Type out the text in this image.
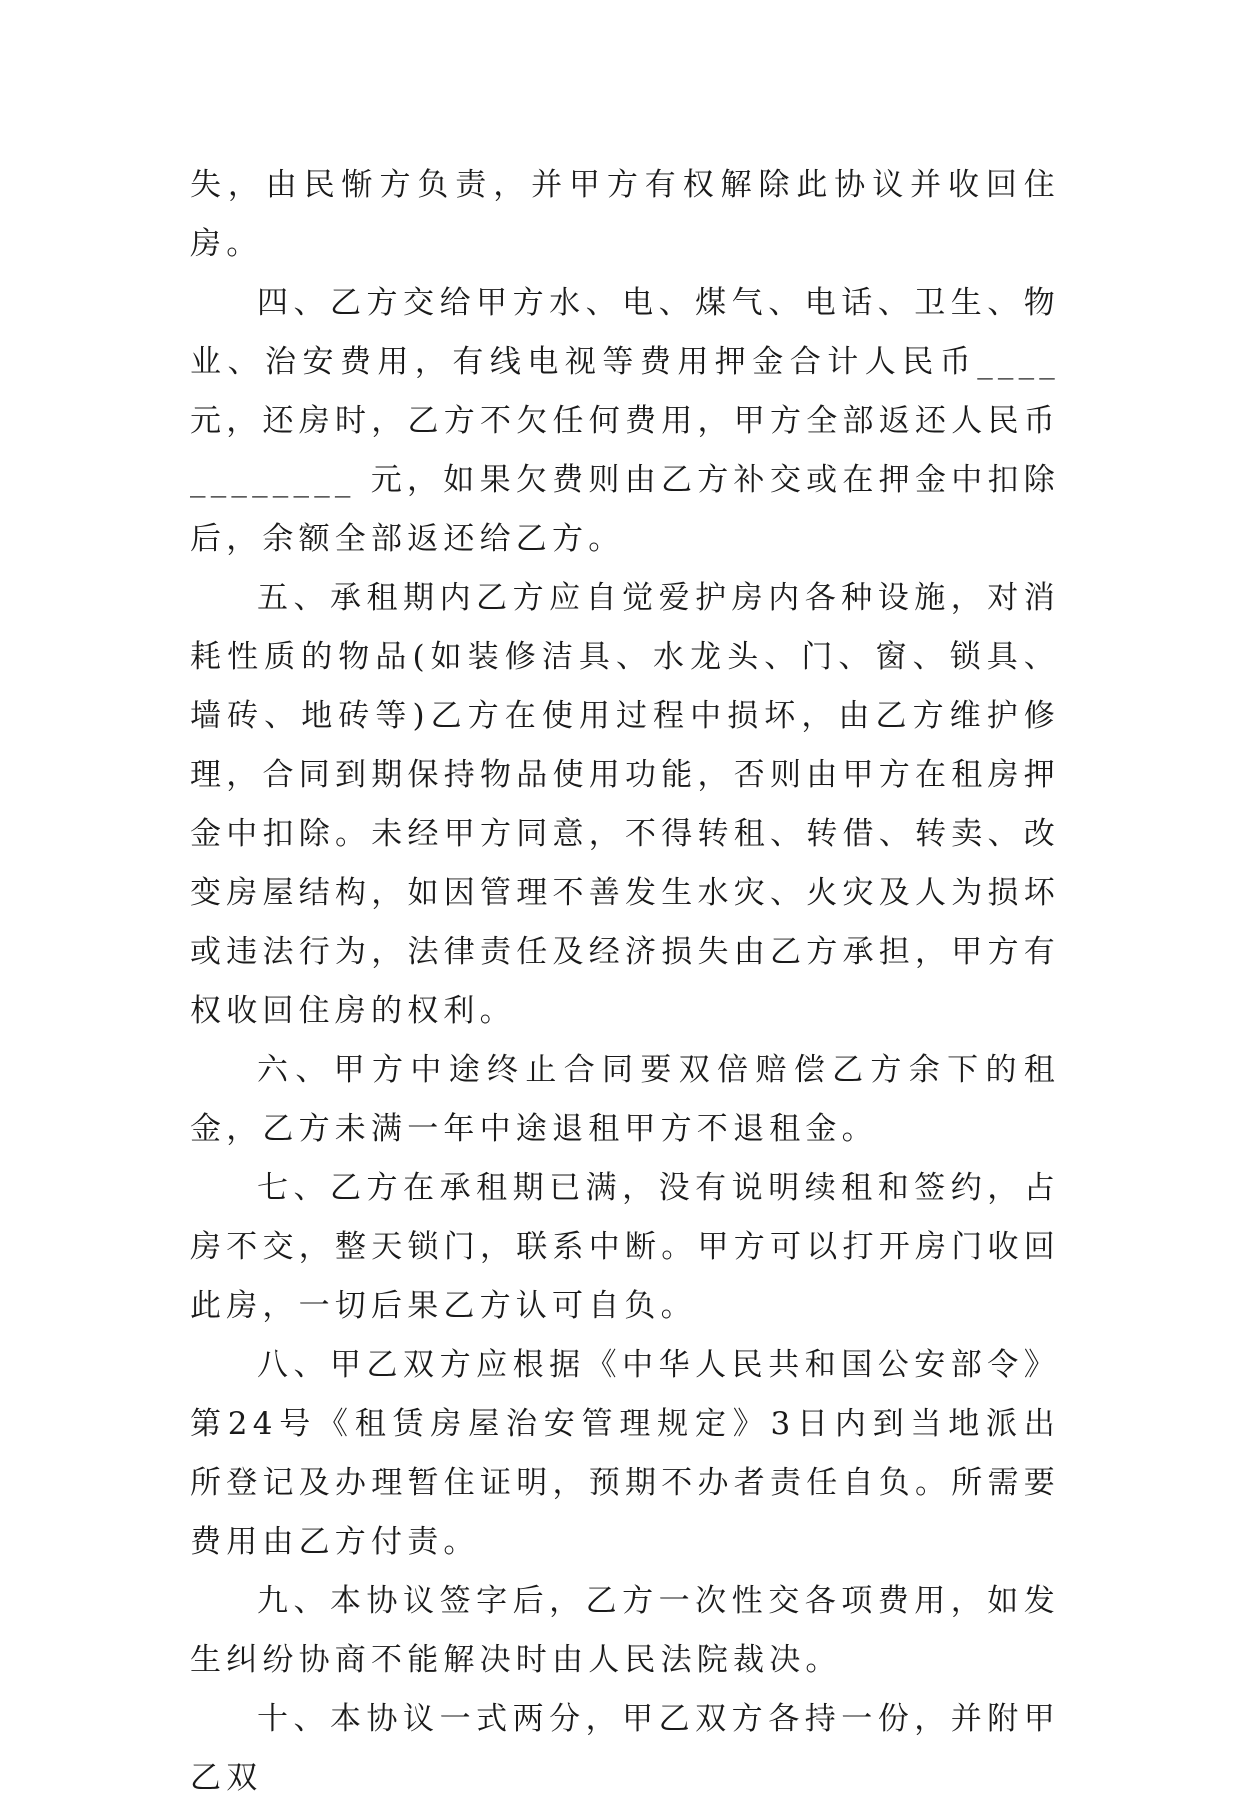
失，由民惭方负责，并甲方有权解除此协议并收回住房。

四、乙方交给甲方水、电、煤气、电话、卫生、物业、治安费用，有线电视等费用押金合计人民币____ 元，还房时，乙方不欠任何费用，甲方全部返还人民币________ 元，如果欠费则由乙方补交或在押金中扣除后，余额全部返还给乙方。

五、承租期内乙方应自觉爱护房内各种设施，对消耗性质的物品(如装修洁具、水龙头、门、窗、锁具、墙砖、地砖等)乙方在使用过程中损坏，由乙方维护修理，合同到期保持物品使用功能，否则由甲方在租房押金中扣除。未经甲方同意，不得转租、转借、转卖、改变房屋结构，如因管理不善发生水灾、火灾及人为损坏或违法行为，法律责任及经济损失由乙方承担，甲方有权收回住房的权利。

六、甲方中途终止合同要双倍赔偿乙方余下的租金，乙方未满一年中途退租甲方不退租金。

七、乙方在承租期已满，没有说明续租和签约，占房不交，整天锁门，联系中断。甲方可以打开房门收回此房，一切后果乙方认可自负。

八、甲乙双方应根据《中华人民共和国公安部令》第24号《租赁房屋治安管理规定》3日内到当地派出所登记及办理暂住证明，预期不办者责任自负。所需要费用由乙方付责。

九、本协议签字后，乙方一次性交各项费用，如发生纠纷协商不能解决时由人民法院裁决。

十、本协议一式两分，甲乙双方各持一份，并附甲乙双
